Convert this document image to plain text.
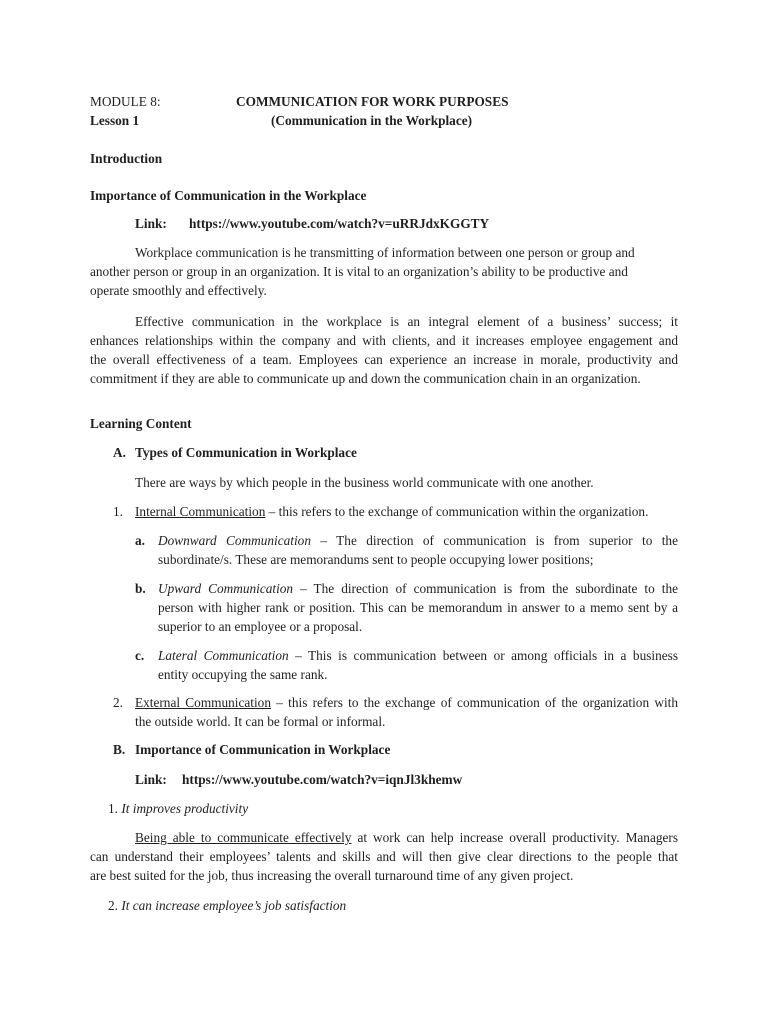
MODULE 8:	COMMUNICATION FOR WORK PURPOSES
Lesson 1	(Communication in the Workplace)
Introduction
Importance of Communication in the Workplace
Link: https://www.youtube.com/watch?v=uRRJdxKGGTY
Workplace communication is he transmitting of information between one person or group and
another person or group in an organization. It is vital to an organization’s ability to be productive and
operate smoothly and effectively.
Effective communication in the workplace is an integral element of a business’ success; it
enhances relationships within the company and with clients, and it increases employee engagement and
the overall effectiveness of a team. Employees can experience an increase in morale, productivity and
commitment if they are able to communicate up and down the communication chain in an organization.
Learning Content
A. Types of Communication in Workplace
There are ways by which people in the business world communicate with one another.
1. Internal Communication – this refers to the exchange of communication within the organization.
a. Downward Communication – The direction of communication is from superior to the
subordinate/s. These are memorandums sent to people occupying lower positions;
b. Upward Communication – The direction of communication is from the subordinate to the
person with higher rank or position. This can be memorandum in answer to a memo sent by a
superior to an employee or a proposal.
c. Lateral Communication – This is communication between or among officials in a business
entity occupying the same rank.
2. External Communication – this refers to the exchange of communication of the organization with
the outside world. It can be formal or informal.
B. Importance of Communication in Workplace
Link: https://www.youtube.com/watch?v=iqnJl3khemw
1. It improves productivity
Being able to communicate effectively at work can help increase overall productivity. Managers
can understand their employees’ talents and skills and will then give clear directions to the people that
are best suited for the job, thus increasing the overall turnaround time of any given project.
2. It can increase employee’s job satisfaction
